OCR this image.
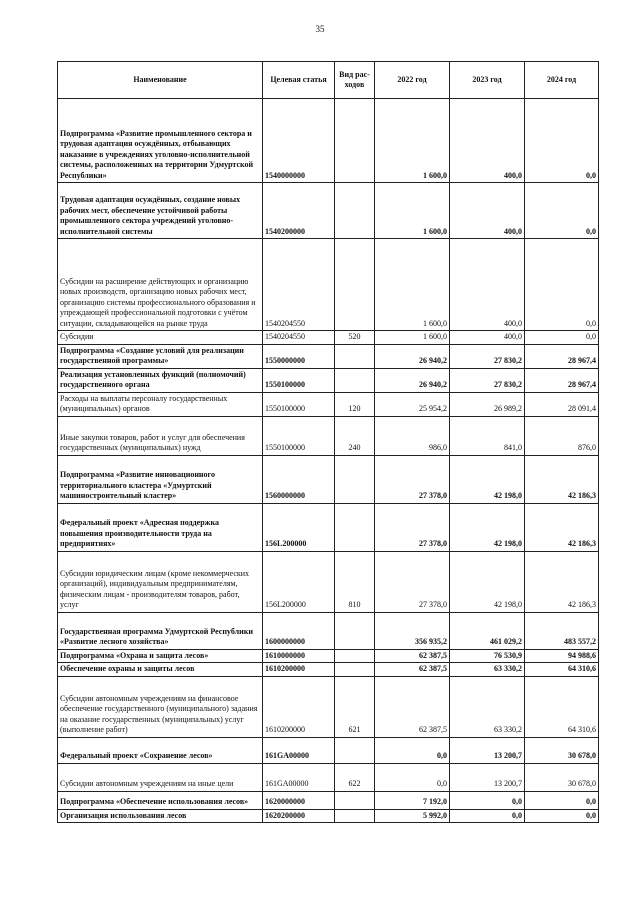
35
Наименование	Целевая статья	Вид рас-ходов	2022 год	2023 год	2024 год
Подпрограмма «Развитие промышленного сектора и трудовая адаптация осуждённых, отбывающих наказание в учреждениях уголовно-исполнительной системы, расположенных на территории Удмуртской Республики»	1540000000		1 600,0	400,0	0,0
Трудовая адаптация осуждённых, создание новых рабочих мест, обеспечение устойчивой работы промышленного сектора учреждений уголовно-исполнительной системы	1540200000		1 600,0	400,0	0,0
Субсидии на расширение действующих и организацию новых производств, организацию новых рабочих мест, организацию системы профессионального образования и упреждающей профессиональной подготовки с учётом ситуации, складывающейся на рынке труда	1540204550		1 600,0	400,0	0,0
Субсидии	1540204550	520	1 600,0	400,0	0,0
Подпрограмма «Создание условий для реализации государственной программы»	1550000000		26 940,2	27 830,2	28 967,4
Реализация установленных функций (полномочий) государственного органа	1550100000		26 940,2	27 830,2	28 967,4
Расходы на выплаты персоналу государственных (муниципальных) органов	1550100000	120	25 954,2	26 989,2	28 091,4
Иные закупки товаров, работ и услуг для обеспечения государственных (муниципальных) нужд	1550100000	240	986,0	841,0	876,0
Подпрограмма «Развитие инновационного территориального кластера «Удмуртский машиностроительный кластер»	1560000000		27 378,0	42 198,0	42 186,3
Федеральный проект «Адресная поддержка повышения производительности труда на предприятиях»	156L200000		27 378,0	42 198,0	42 186,3
Субсидии юридическим лицам (кроме некоммерческих организаций), индивидуальным предпринимателям, физическим лицам - производителям товаров, работ, услуг	156L200000	810	27 378,0	42 198,0	42 186,3
Государственная программа Удмуртской Республики «Развитие лесного хозяйства»	1600000000		356 935,2	461 029,2	483 557,2
Подпрограмма «Охрана и защита лесов»	1610000000		62 387,5	76 530,9	94 988,6
Обеспечение охраны и защиты лесов	1610200000		62 387,5	63 330,2	64 310,6
Субсидии автономным учреждениям на финансовое обеспечение государственного (муниципального) задания на оказание государственных (муниципальных) услуг (выполнение работ)	1610200000	621	62 387,5	63 330,2	64 310,6
Федеральный проект «Сохранение лесов»	161GA00000		0,0	13 200,7	30 678,0
Субсидии автономным учреждениям на иные цели	161GA00000	622	0,0	13 200,7	30 678,0
Подпрограмма «Обеспечение использования лесов»	1620000000		7 192,0	0,0	0,0
Организация использования лесов	1620200000		5 992,0	0,0	0,0
